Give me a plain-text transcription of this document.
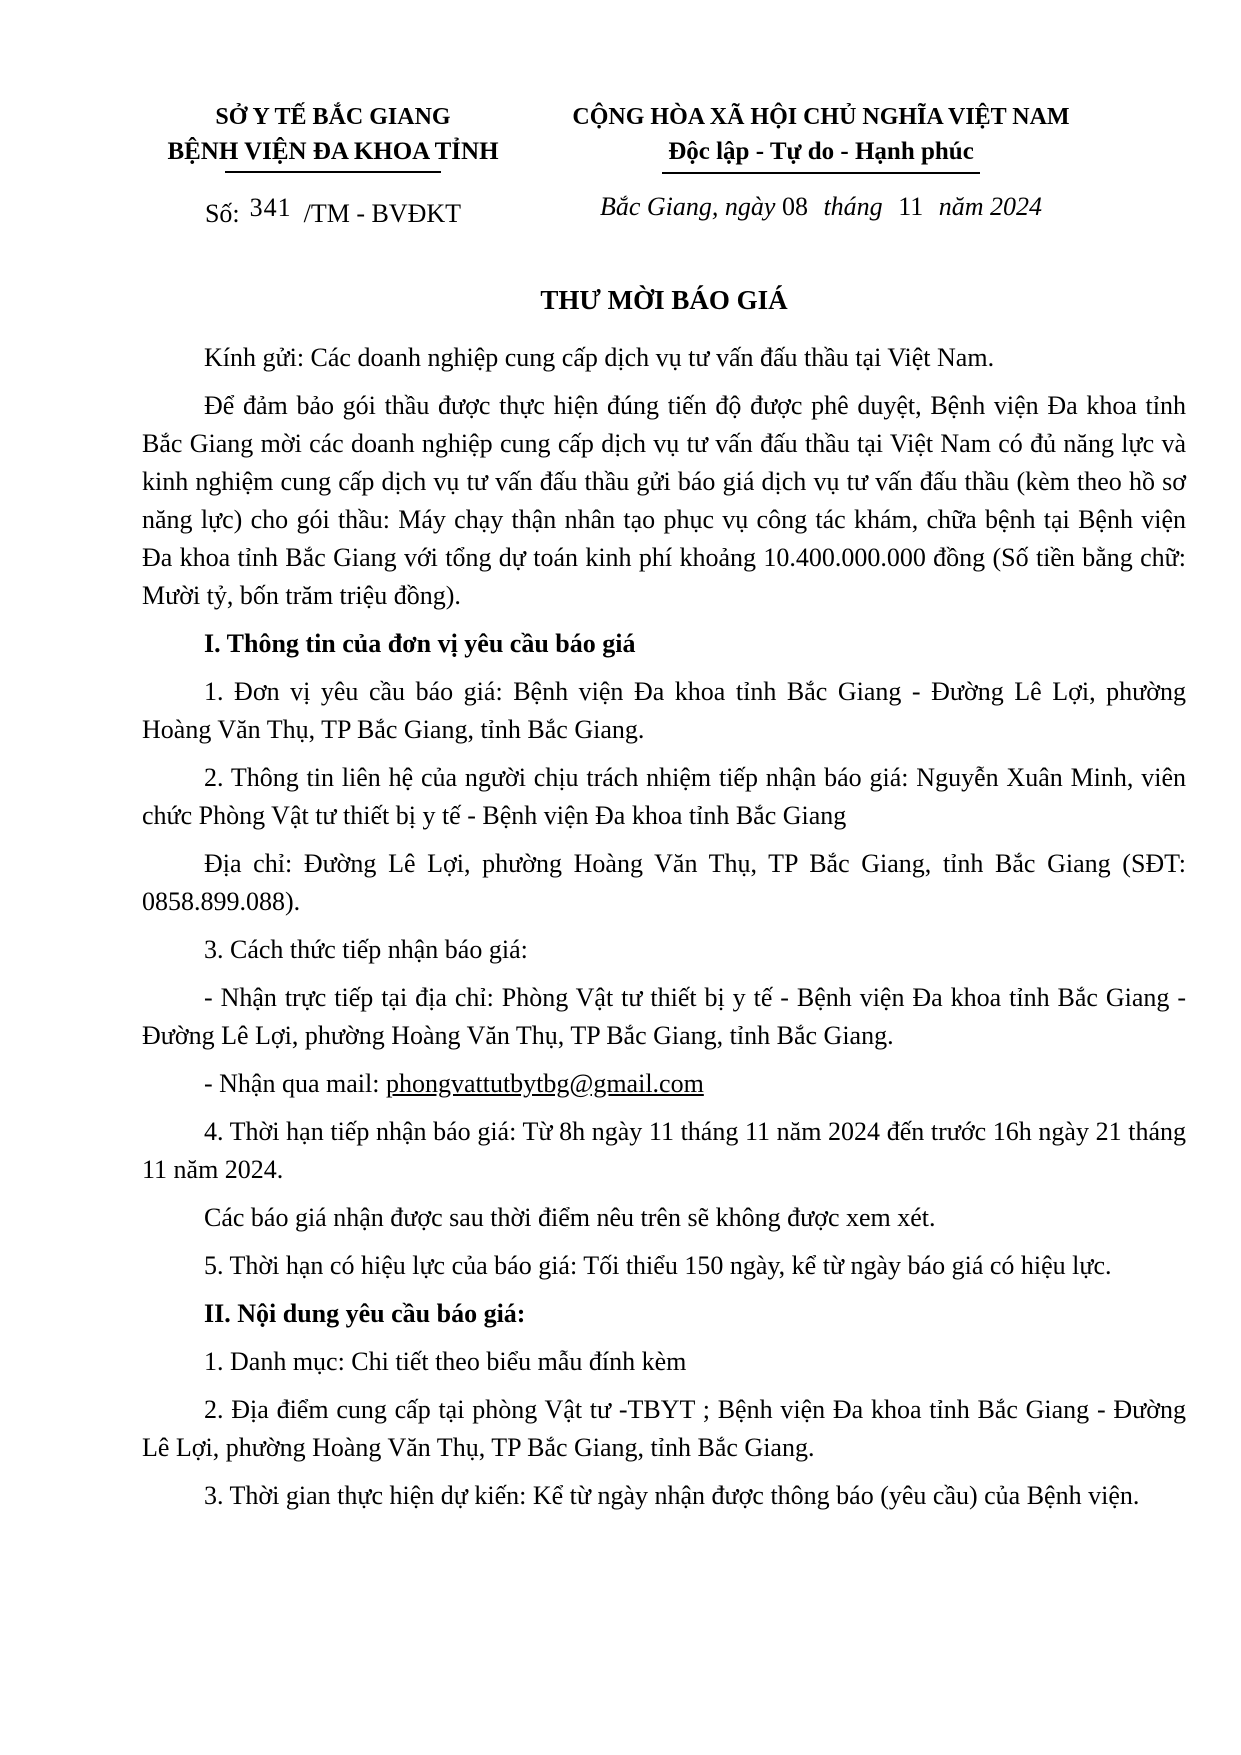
SỞ Y TẾ BẮC GIANG
BỆNH VIỆN ĐA KHOA TỈNH
Số: 341 /TM - BVĐKT
CỘNG HÒA XÃ HỘI CHỦ NGHĨA VIỆT NAM
Độc lập - Tự do - Hạnh phúc
Bắc Giang, ngày 08 tháng 11 năm 2024
THƯ MỜI BÁO GIÁ

Kính gửi: Các doanh nghiệp cung cấp dịch vụ tư vấn đấu thầu tại Việt Nam.

Để đảm bảo gói thầu được thực hiện đúng tiến độ được phê duyệt, Bệnh viện Đa khoa tỉnh Bắc Giang mời các doanh nghiệp cung cấp dịch vụ tư vấn đấu thầu tại Việt Nam có đủ năng lực và kinh nghiệm cung cấp dịch vụ tư vấn đấu thầu gửi báo giá dịch vụ tư vấn đấu thầu (kèm theo hồ sơ năng lực) cho gói thầu: Máy chạy thận nhân tạo phục vụ công tác khám, chữa bệnh tại Bệnh viện Đa khoa tỉnh Bắc Giang với tổng dự toán kinh phí khoảng 10.400.000.000 đồng (Số tiền bằng chữ: Mười tỷ, bốn trăm triệu đồng).

I. Thông tin của đơn vị yêu cầu báo giá

1. Đơn vị yêu cầu báo giá: Bệnh viện Đa khoa tỉnh Bắc Giang - Đường Lê Lợi, phường Hoàng Văn Thụ, TP Bắc Giang, tỉnh Bắc Giang.

2. Thông tin liên hệ của người chịu trách nhiệm tiếp nhận báo giá: Nguyễn Xuân Minh, viên chức Phòng Vật tư thiết bị y tế - Bệnh viện Đa khoa tỉnh Bắc Giang

Địa chỉ: Đường Lê Lợi, phường Hoàng Văn Thụ, TP Bắc Giang, tỉnh Bắc Giang (SĐT: 0858.899.088).

3. Cách thức tiếp nhận báo giá:

- Nhận trực tiếp tại địa chỉ: Phòng Vật tư thiết bị y tế - Bệnh viện Đa khoa tỉnh Bắc Giang - Đường Lê Lợi, phường Hoàng Văn Thụ, TP Bắc Giang, tỉnh Bắc Giang.

- Nhận qua mail: phongvattutbytbg@gmail.com

4. Thời hạn tiếp nhận báo giá: Từ 8h ngày 11 tháng 11 năm 2024 đến trước 16h ngày 21 tháng 11 năm 2024.

Các báo giá nhận được sau thời điểm nêu trên sẽ không được xem xét.

5. Thời hạn có hiệu lực của báo giá: Tối thiểu 150 ngày, kể từ ngày báo giá có hiệu lực.

II. Nội dung yêu cầu báo giá:

1. Danh mục: Chi tiết theo biểu mẫu đính kèm

2. Địa điểm cung cấp tại phòng Vật tư -TBYT ; Bệnh viện Đa khoa tỉnh Bắc Giang - Đường Lê Lợi, phường Hoàng Văn Thụ, TP Bắc Giang, tỉnh Bắc Giang.

3. Thời gian thực hiện dự kiến: Kể từ ngày nhận được thông báo (yêu cầu) của Bệnh viện.
